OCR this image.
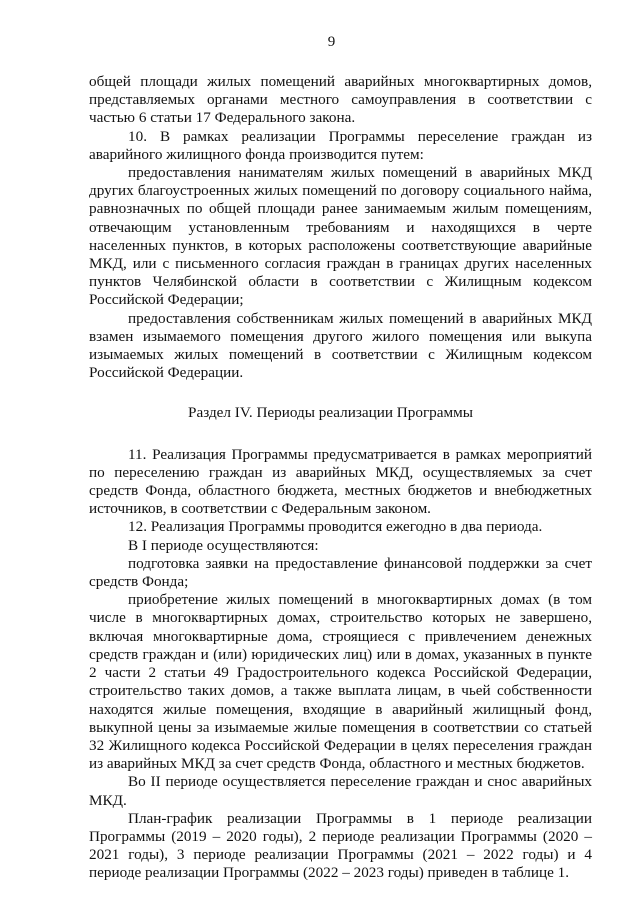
9

общей площади жилых помещений аварийных многоквартирных домов, представляемых органами местного самоуправления в соответствии с частью 6 статьи 17 Федерального закона.

10. В рамках реализации Программы переселение граждан из аварийного жилищного фонда производится путем:

предоставления нанимателям жилых помещений в аварийных МКД других благоустроенных жилых помещений по договору социального найма, равнозначных по общей площади ранее занимаемым жилым помещениям, отвечающим установленным требованиям и находящихся в черте населенных пунктов, в которых расположены соответствующие аварийные МКД, или с письменного согласия граждан в границах других населенных пунктов Челябинской области в соответствии с Жилищным кодексом Российской Федерации;

предоставления собственникам жилых помещений в аварийных МКД взамен изымаемого помещения другого жилого помещения или выкупа изымаемых жилых помещений в соответствии с Жилищным кодексом Российской Федерации.

Раздел IV. Периоды реализации Программы

11. Реализация Программы предусматривается в рамках мероприятий по переселению граждан из аварийных МКД, осуществляемых за счет средств Фонда, областного бюджета, местных бюджетов и внебюджетных источников, в соответствии с Федеральным законом.

12. Реализация Программы проводится ежегодно в два периода.

В I периоде осуществляются:

подготовка заявки на предоставление финансовой поддержки за счет средств Фонда;

приобретение жилых помещений в многоквартирных домах (в том числе в многоквартирных домах, строительство которых не завершено, включая многоквартирные дома, строящиеся с привлечением денежных средств граждан и (или) юридических лиц) или в домах, указанных в пункте 2 части 2 статьи 49 Градостроительного кодекса Российской Федерации, строительство таких домов, а также выплата лицам, в чьей собственности находятся жилые помещения, входящие в аварийный жилищный фонд, выкупной цены за изымаемые жилые помещения в соответствии со статьей 32 Жилищного кодекса Российской Федерации в целях переселения граждан из аварийных МКД за счет средств Фонда, областного и местных бюджетов.

Во II периоде осуществляется переселение граждан и снос аварийных МКД.

План-график реализации Программы в 1 периоде реализации Программы (2019 – 2020 годы), 2 периоде реализации Программы (2020 – 2021 годы), 3 периоде реализации Программы (2021 – 2022 годы) и 4 периоде реализации Программы (2022 – 2023 годы) приведен в таблице 1.
